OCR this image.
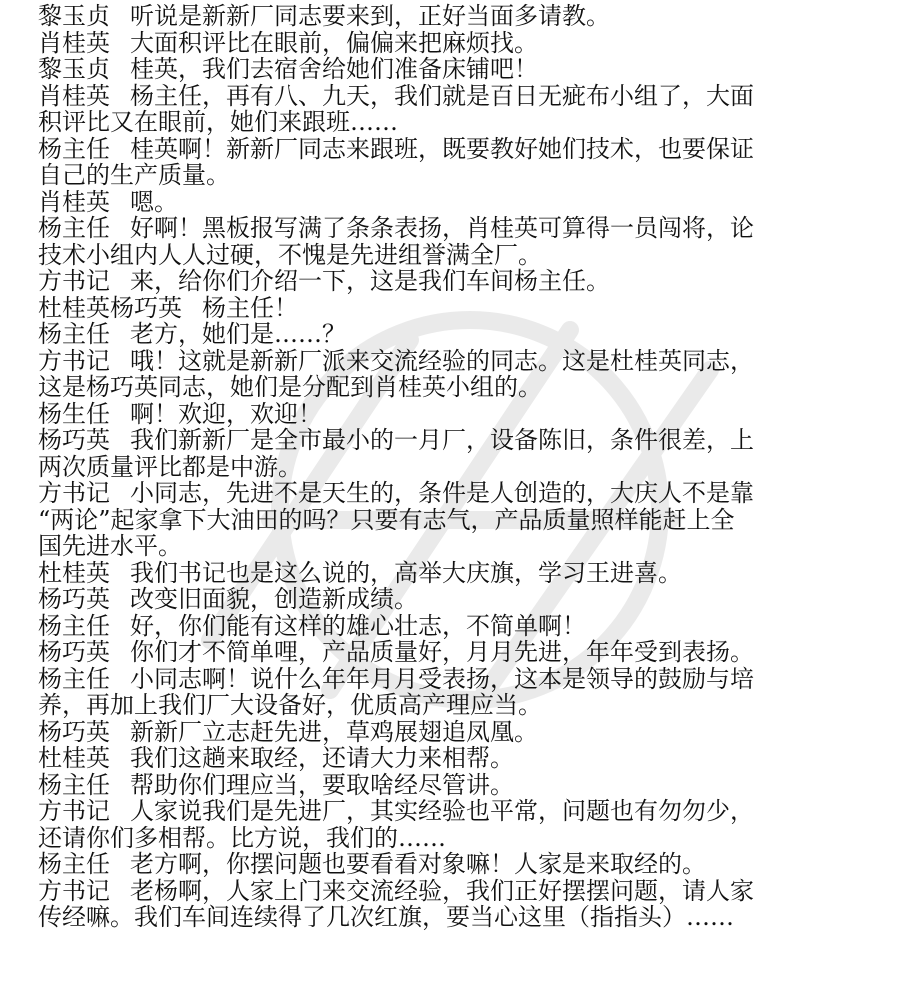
黎玉贞 听说是新新厂同志要来到，正好当面多请教。
肖桂英 大面积评比在眼前，偏偏来把麻烦找。
黎玉贞 桂英，我们去宿舍给她们准备床铺吧！
肖桂英 杨主任，再有八、九天，我们就是百日无疵布小组了，大面
积评比又在眼前，她们来跟班……
杨主任 桂英啊！新新厂同志来跟班，既要教好她们技术，也要保证
自己的生产质量。
肖桂英 嗯。
杨主任 好啊！黑板报写满了条条表扬，肖桂英可算得一员闯将，论
技术小组内人人过硬，不愧是先进组誉满全厂。
方书记 来，给你们介绍一下，这是我们车间杨主任。
杜桂英杨巧英 杨主任！
杨主任 老方，她们是……？
方书记 哦！这就是新新厂派来交流经验的同志。这是杜桂英同志，
这是杨巧英同志，她们是分配到肖桂英小组的。
杨生任 啊！欢迎，欢迎！
杨巧英 我们新新厂是全市最小的一月厂，设备陈旧，条件很差，上
两次质量评比都是中游。
方书记 小同志，先进不是天生的，条件是人创造的，大庆人不是靠
“两论”起家拿下大油田的吗？只要有志气，产品质量照样能赶上全
国先进水平。
杜桂英 我们书记也是这么说的，高举大庆旗，学习王进喜。
杨巧英 改变旧面貌，创造新成绩。
杨主任 好，你们能有这样的雄心壮志，不简单啊！
杨巧英 你们才不简单哩，产品质量好，月月先进，年年受到表扬。
杨主任 小同志啊！说什么年年月月受表扬，这本是领导的鼓励与培
养，再加上我们厂大设备好，优质高产理应当。
杨巧英 新新厂立志赶先进，草鸡展翅追凤凰。
杜桂英 我们这趟来取经，还请大力来相帮。
杨主任 帮助你们理应当，要取啥经尽管讲。
方书记 人家说我们是先进厂，其实经验也平常，问题也有勿勿少，
还请你们多相帮。比方说，我们的……
杨主任 老方啊，你摆问题也要看看对象嘛！人家是来取经的。
方书记 老杨啊，人家上门来交流经验，我们正好摆摆问题，请人家
传经嘛。我们车间连续得了几次红旗，要当心这里（指指头）……
